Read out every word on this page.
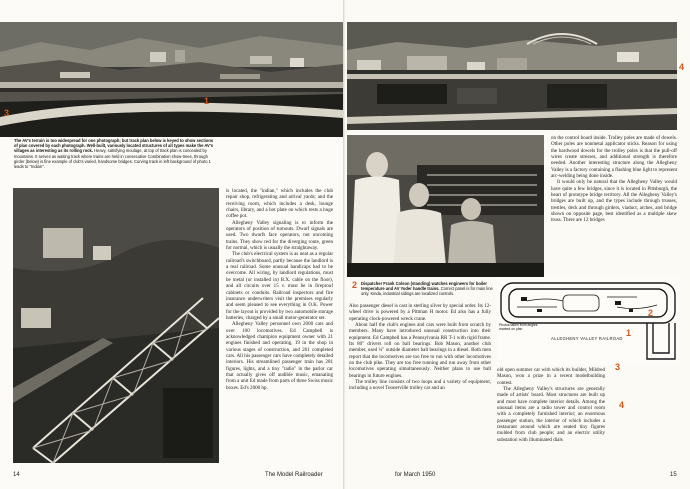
1
3
The AV's terrain is too widespread for one photograph; but track plan below is keyed to show sections of plan covered by each photograph. Well-built, variously located structures of all types make the AV's villages as interesting as its rolling rock. Heavy, satisfying moulage, at top of track plan is concealed by mountains. It serves as waiting track where trains are held in consecutive Combination show-trees, through girder (below) is fine example of club's varied, handsome bridges. Curving track in left background of photo 1 leads to "Indian".

is located, the "indian," which includes the club repair shop, refrigerating and arrival yards; and the receiving room, which includes a desk, lounge chairs, library, and a hot plate on which rests a huge coffee pot.

Allegheny Valley signaling is to inform the operators of position of turnouts. Dwarf signals are used. Two dwarfs face operators, not oncoming trains. They show red for the diverging route, green for normal, which is usually the straightaway.

The club's electrical system is as neat as a regular railroad's switchboard, partly because the landlord is a real railroad. Some unusual handicaps had to be overcome. All wiring, by landlord regulations, must be metal (or installed in) B.X. cable on the floor), and all circuits over 15 v. must be in fireproof cabinets or conduits. Railroad inspectors and fire insurance underwriters visit the premises regularly and seem pleased to see everything in O.K. Power for the layout is provided by two automobile storage batteries, charged by a small motor-generator set.

Allegheny Valley personnel own 2000 cars and over 100 locomotives. Ed Campbell is acknowledged champion equipment owner with 21 engines finished and operating, 19 in the shop in various stages of construction, and 261 completed cars. All his passenger cars have completely detailed interiors. His streamlined passenger train has 281 figures, lights, and a tiny "radio" in the parlor car that actually gives off audible music, emanating from a unit Ed made from parts of three Swiss music boxes. Ed's 2000 hp.

14	The Model Railroader
4
2 Dispatcher Frank Colson (standing) watches engineers for boiler temperature and AV Yoder handle trains. Correct panel is for main line only. Kinda, industrial sidings are localized controls.

Also passenger diesel is cast in sterling silver by special order. Its 12-wheel drive is powered by a Pittman H motor. Ed also has a fully operating clock-powered wreck crane.

About half the club's engines and cars were built from scratch by members. Many have introduced unusual construction into their equipment. Ed Campbell has a Pennsylvania RR T-1 with rigid frame. Its 80" drivers roll on ball bearings. Bob Mason, another club member, used ¼" outside diameter ball bearings in a diesel. Both men report that the locomotives are too free to run with other locomotives on the club pike. They are too free running and run away from other locomotives operating simultaneously. Neither plans to use ball bearings in future engines.

The trolley line consists of two loops and a variety of equipment, including a novel Toonerville trolley car and an

on the control board inside. Trolley poles are made of dowels. Other poles are nonmetal applicator sticks. Reason for using the hardwood dowels for the trolley poles is that the pull-off wires create stresses, and additional strength is therefore needed. Another interesting structure along the Allegheny Valley is a factory containing a flashing blue light to represent arc-welding being done inside.

It would only be natural that the Allegheny Valley would have quite a few bridges, since it is located in Pittsburgh, the heart of prototype bridge territory. All the Allegheny Valley's bridges are built up, and the types include through trusses, trestles, deck and through girders, viaduct, arches, and bridge shown on opposite page, best identified as a multiple skew truss. There are 12 bridges

ALLEGHENY VALLEY RAILROAD
Photos taken from angles marked on plan	1
2
3
4

old open summer car with which its builder, Mildred Mason, won a prize in a recent modelbuilding contest.

The Allegheny Valley's structures are generally made of artists' board. Most structures are built up and most have complete interior details. Among the unusual items are a radio tower and control room with a completely furnished interior; an enormous passenger station, the interior of which includes a restaurant around which are seated tiny figures molded from club people; and an electric utility substation with illuminated dials

for March 1950	15
